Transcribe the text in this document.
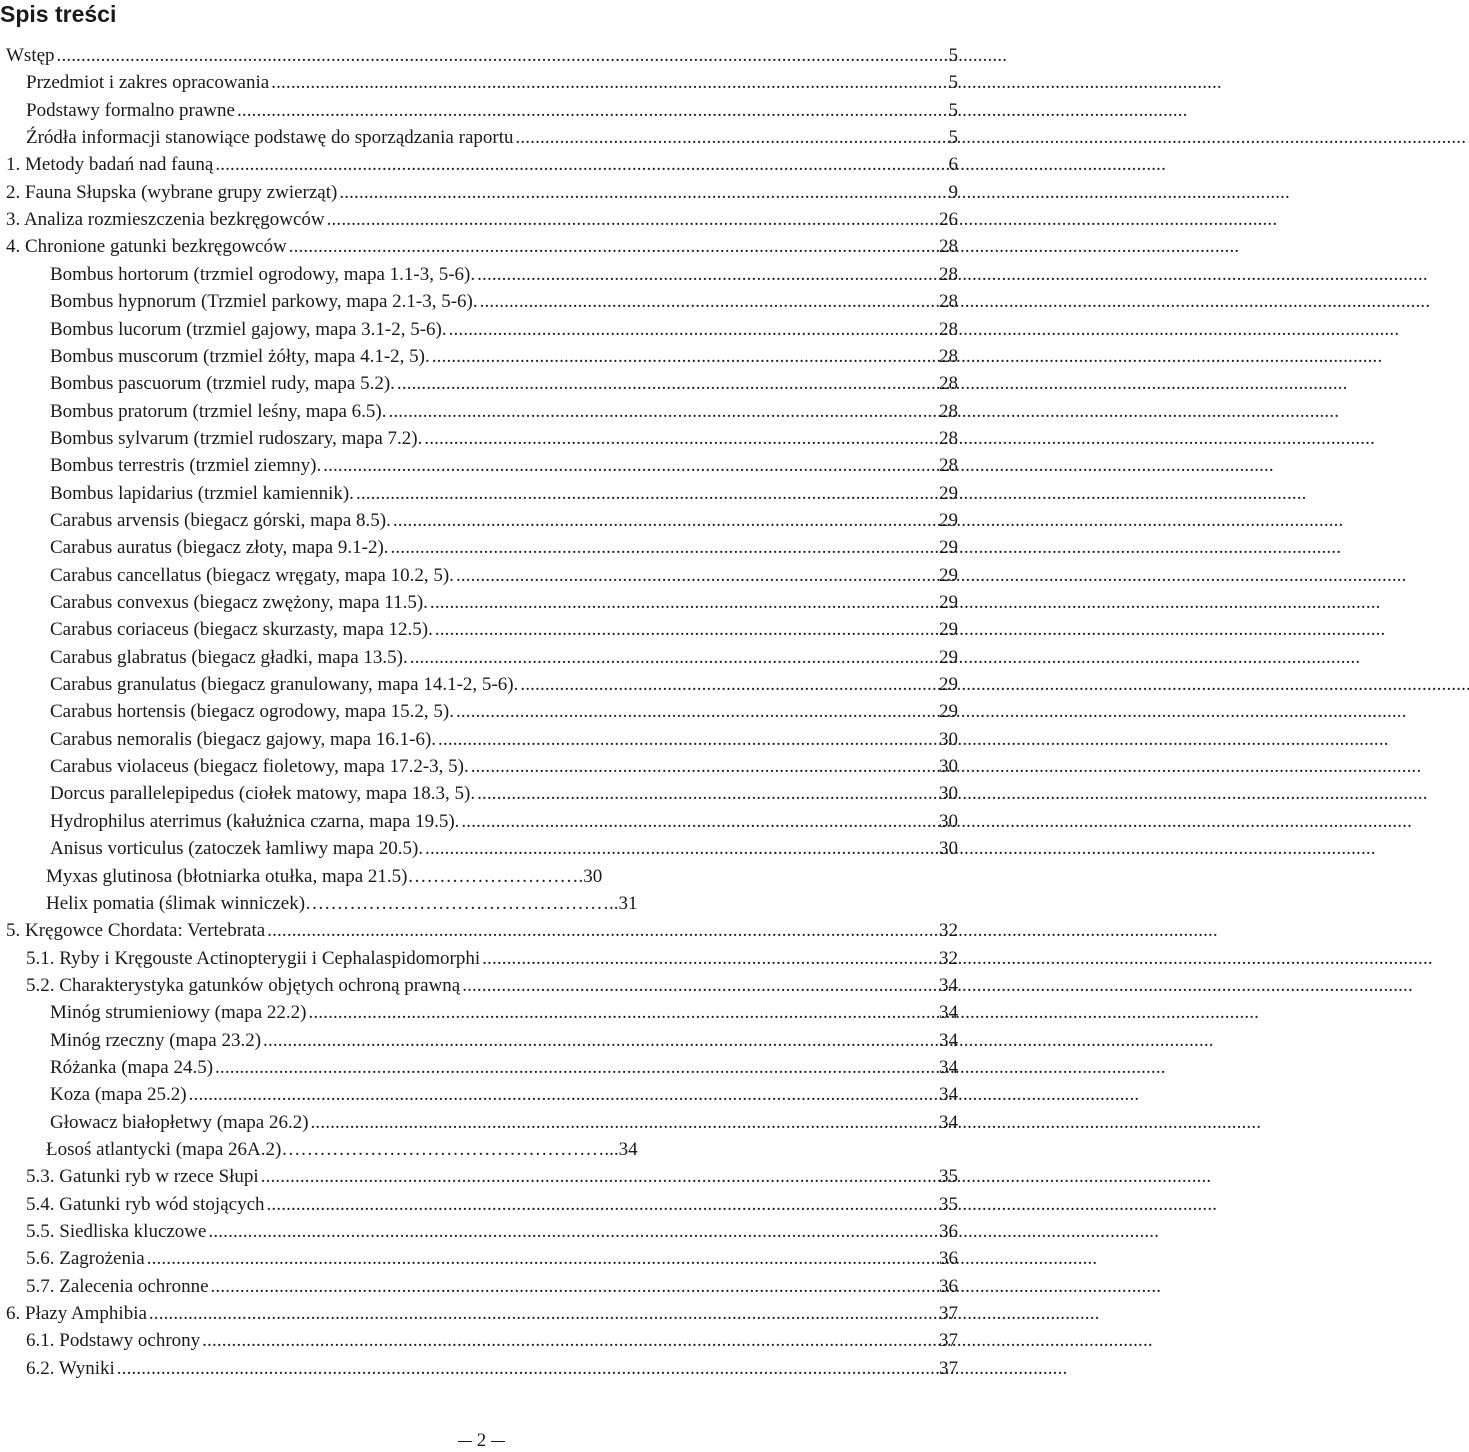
Spis treści
Wstęp . . .	5
Przedmiot i zakres opracowania . . .	5
Podstawy formalno prawne . . .	5
Źródła informacji stanowiące podstawę do sporządzania raportu . . .	5
1. Metody badań nad fauną . . .	6
2. Fauna Słupska (wybrane grupy zwierząt) . . .	9
3. Analiza rozmieszczenia bezkręgowców . . .	26
4. Chronione gatunki bezkręgowców . . .	28
Bombus hortorum (trzmiel ogrodowy, mapa 1.1-3, 5-6). . . .	28
Bombus hypnorum (Trzmiel parkowy, mapa 2.1-3, 5-6). . . .	28
Bombus lucorum (trzmiel gajowy, mapa 3.1-2, 5-6). . . .	28
Bombus muscorum (trzmiel żółty, mapa 4.1-2, 5). . . .	28
Bombus pascuorum (trzmiel rudy, mapa 5.2). . . .	28
Bombus pratorum (trzmiel leśny, mapa 6.5). . . .	28
Bombus sylvarum (trzmiel rudoszary, mapa 7.2). . . .	28
Bombus terrestris (trzmiel ziemny). . . .	28
Bombus lapidarius (trzmiel kamiennik). . . .	29
Carabus arvensis (biegacz górski, mapa 8.5). . . .	29
Carabus auratus (biegacz złoty, mapa 9.1-2). . . .	29
Carabus cancellatus (biegacz wręgaty, mapa 10.2, 5). . . .	29
Carabus convexus (biegacz zwężony, mapa 11.5). . . .	29
Carabus coriaceus (biegacz skurzasty, mapa 12.5). . . .	29
Carabus glabratus (biegacz gładki, mapa 13.5). . . .	29
Carabus granulatus (biegacz granulowany, mapa 14.1-2, 5-6). . . .	29
Carabus hortensis (biegacz ogrodowy, mapa 15.2, 5). . . .	29
Carabus nemoralis (biegacz gajowy, mapa 16.1-6). . . .	30
Carabus violaceus (biegacz fioletowy, mapa 17.2-3, 5). . . .	30
Dorcus parallelepipedus (ciołek matowy, mapa 18.3, 5). . . .	30
Hydrophilus aterrimus (kałużnica czarna, mapa 19.5). . . .	30
Anisus vorticulus (zatoczek łamliwy mapa 20.5). . . .	30
Myxas glutinosa (błotniarka otułka, mapa 21.5)……………………….30
Helix pomatia (ślimak winniczek)…………………………………………..31
5. Kręgowce Chordata: Vertebrata . . .	32
5.1. Ryby i Kręgouste Actinopterygii i Cephalaspidomorphi . . .	32
5.2. Charakterystyka gatunków objętych ochroną prawną . . .	34
Minóg strumieniowy (mapa 22.2) . . .	34
Minóg rzeczny (mapa 23.2) . . .	34
Różanka (mapa 24.5) . . .	34
Koza (mapa 25.2) . . .	34
Głowacz białopłetwy (mapa 26.2) . . .	34
Łosoś atlantycki (mapa 26A.2)……………………………………………...34
5.3. Gatunki ryb w rzece Słupi . . .	35
5.4. Gatunki ryb wód stojących . . .	35
5.5. Siedliska kluczowe . . .	36
5.6. Zagrożenia . . .	36
5.7. Zalecenia ochronne . . .	36
6. Płazy Amphibia . . .	37
6.1. Podstawy ochrony . . .	37
6.2. Wyniki . . .	37
2
